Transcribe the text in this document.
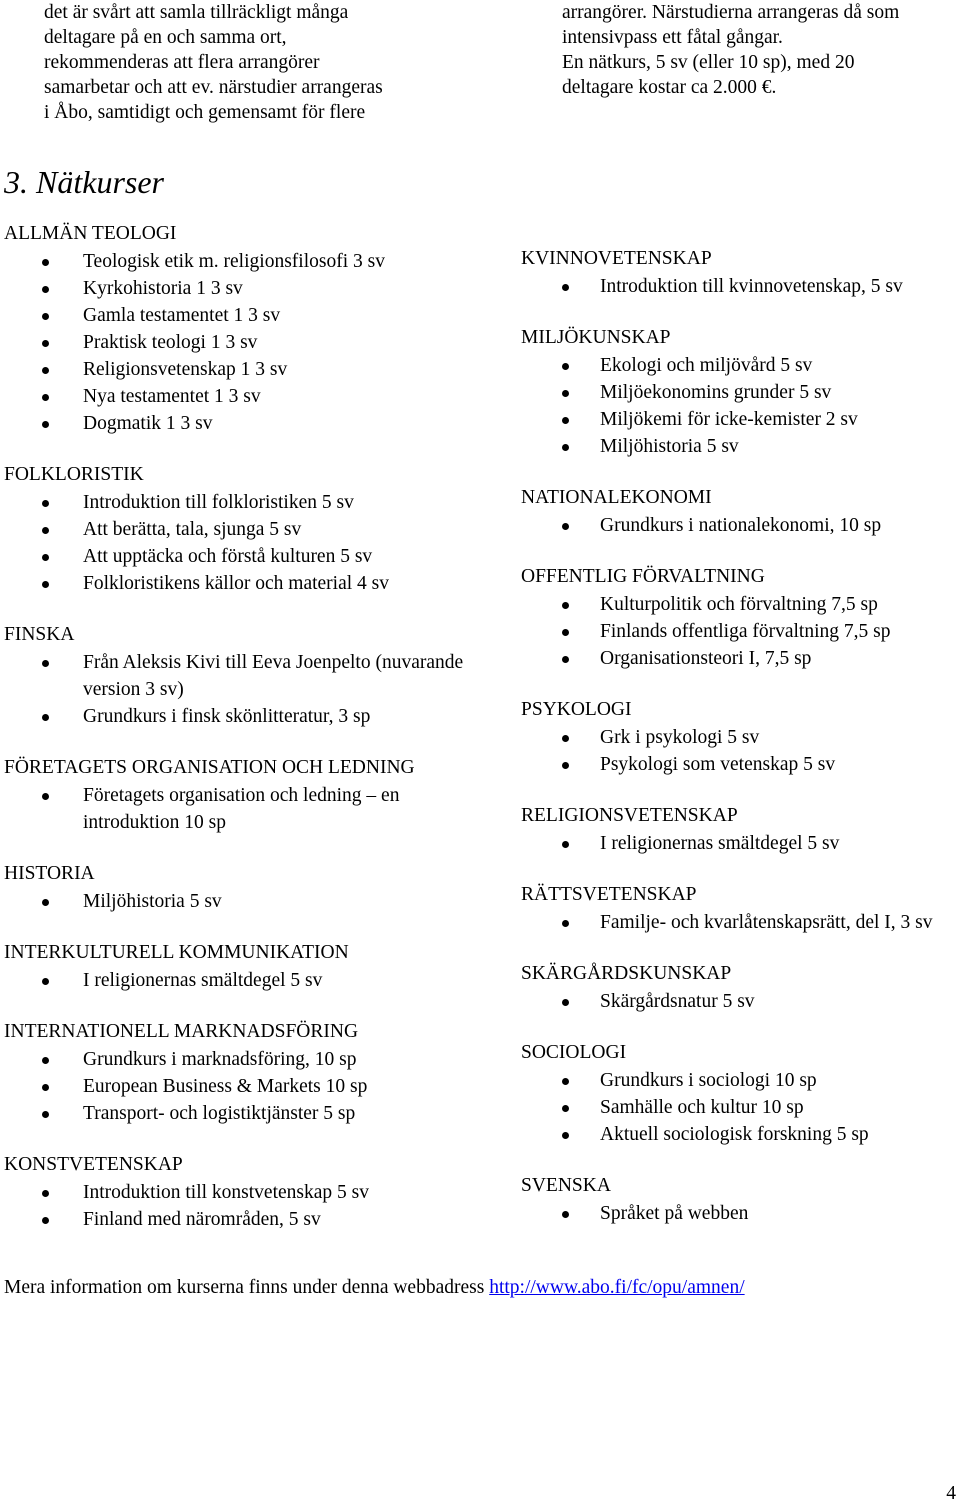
det är svårt att samla tillräckligt många

deltagare på en och samma ort,

rekommenderas att flera arrangörer

samarbetar och att ev. närstudier arrangeras

i Åbo, samtidigt och gemensamt för flere

arrangörer. Närstudierna arrangeras då som

intensivpass ett fåtal gångar.

En nätkurs, 5 sv (eller 10 sp), med 20

deltagare kostar ca 2.000 €.

3. Nätkurser
ALLMÄN TEOLOGI
Teologisk etik m. religionsfilosofi 3 sv
Kyrkohistoria 1 3 sv
Gamla testamentet 1 3 sv
Praktisk teologi 1 3 sv
Religionsvetenskap 1 3 sv
Nya testamentet 1 3 sv
Dogmatik 1 3 sv
FOLKLORISTIK
Introduktion till folkloristiken 5 sv
Att berätta, tala, sjunga 5 sv
Att upptäcka och förstå kulturen 5 sv
Folkloristikens källor och material 4 sv
FINSKA
Från Aleksis Kivi till Eeva Joenpelto (nuvarande version 3 sv)
Grundkurs i finsk skönlitteratur, 3 sp
FÖRETAGETS ORGANISATION OCH LEDNING
Företagets organisation och ledning – en introduktion 10 sp
HISTORIA
Miljöhistoria 5 sv
INTERKULTURELL KOMMUNIKATION
I religionernas smältdegel 5 sv
INTERNATIONELL MARKNADSFÖRING
Grundkurs i marknadsföring, 10 sp
European Business & Markets 10 sp
Transport- och logistiktjänster 5 sp
KONSTVETENSKAP
Introduktion till konstvetenskap 5 sv
Finland med närområden, 5 sv
KVINNOVETENSKAP
Introduktion till kvinnovetenskap, 5 sv
MILJÖKUNSKAP
Ekologi och miljövård 5 sv
Miljöekonomins grunder 5 sv
Miljökemi för icke-kemister 2 sv
Miljöhistoria 5 sv
NATIONALEKONOMI
Grundkurs i nationalekonomi, 10 sp
OFFENTLIG FÖRVALTNING
Kulturpolitik och förvaltning 7,5 sp
Finlands offentliga förvaltning 7,5 sp
Organisationsteori I, 7,5 sp
PSYKOLOGI
Grk i psykologi 5 sv
Psykologi som vetenskap 5 sv
RELIGIONSVETENSKAP
I religionernas smältdegel 5 sv
RÄTTSVETENSKAP
Familje- och kvarlåtenskapsrätt, del I, 3 sv
SKÄRGÅRDSKUNSKAP
Skärgårdsnatur 5 sv
SOCIOLOGI
Grundkurs i sociologi 10 sp
Samhälle och kultur 10 sp
Aktuell sociologisk forskning 5 sp
SVENSKA
Språket på webben

Mera information om kurserna finns under denna webbadress http://www.abo.fi/fc/opu/amnen/

4
